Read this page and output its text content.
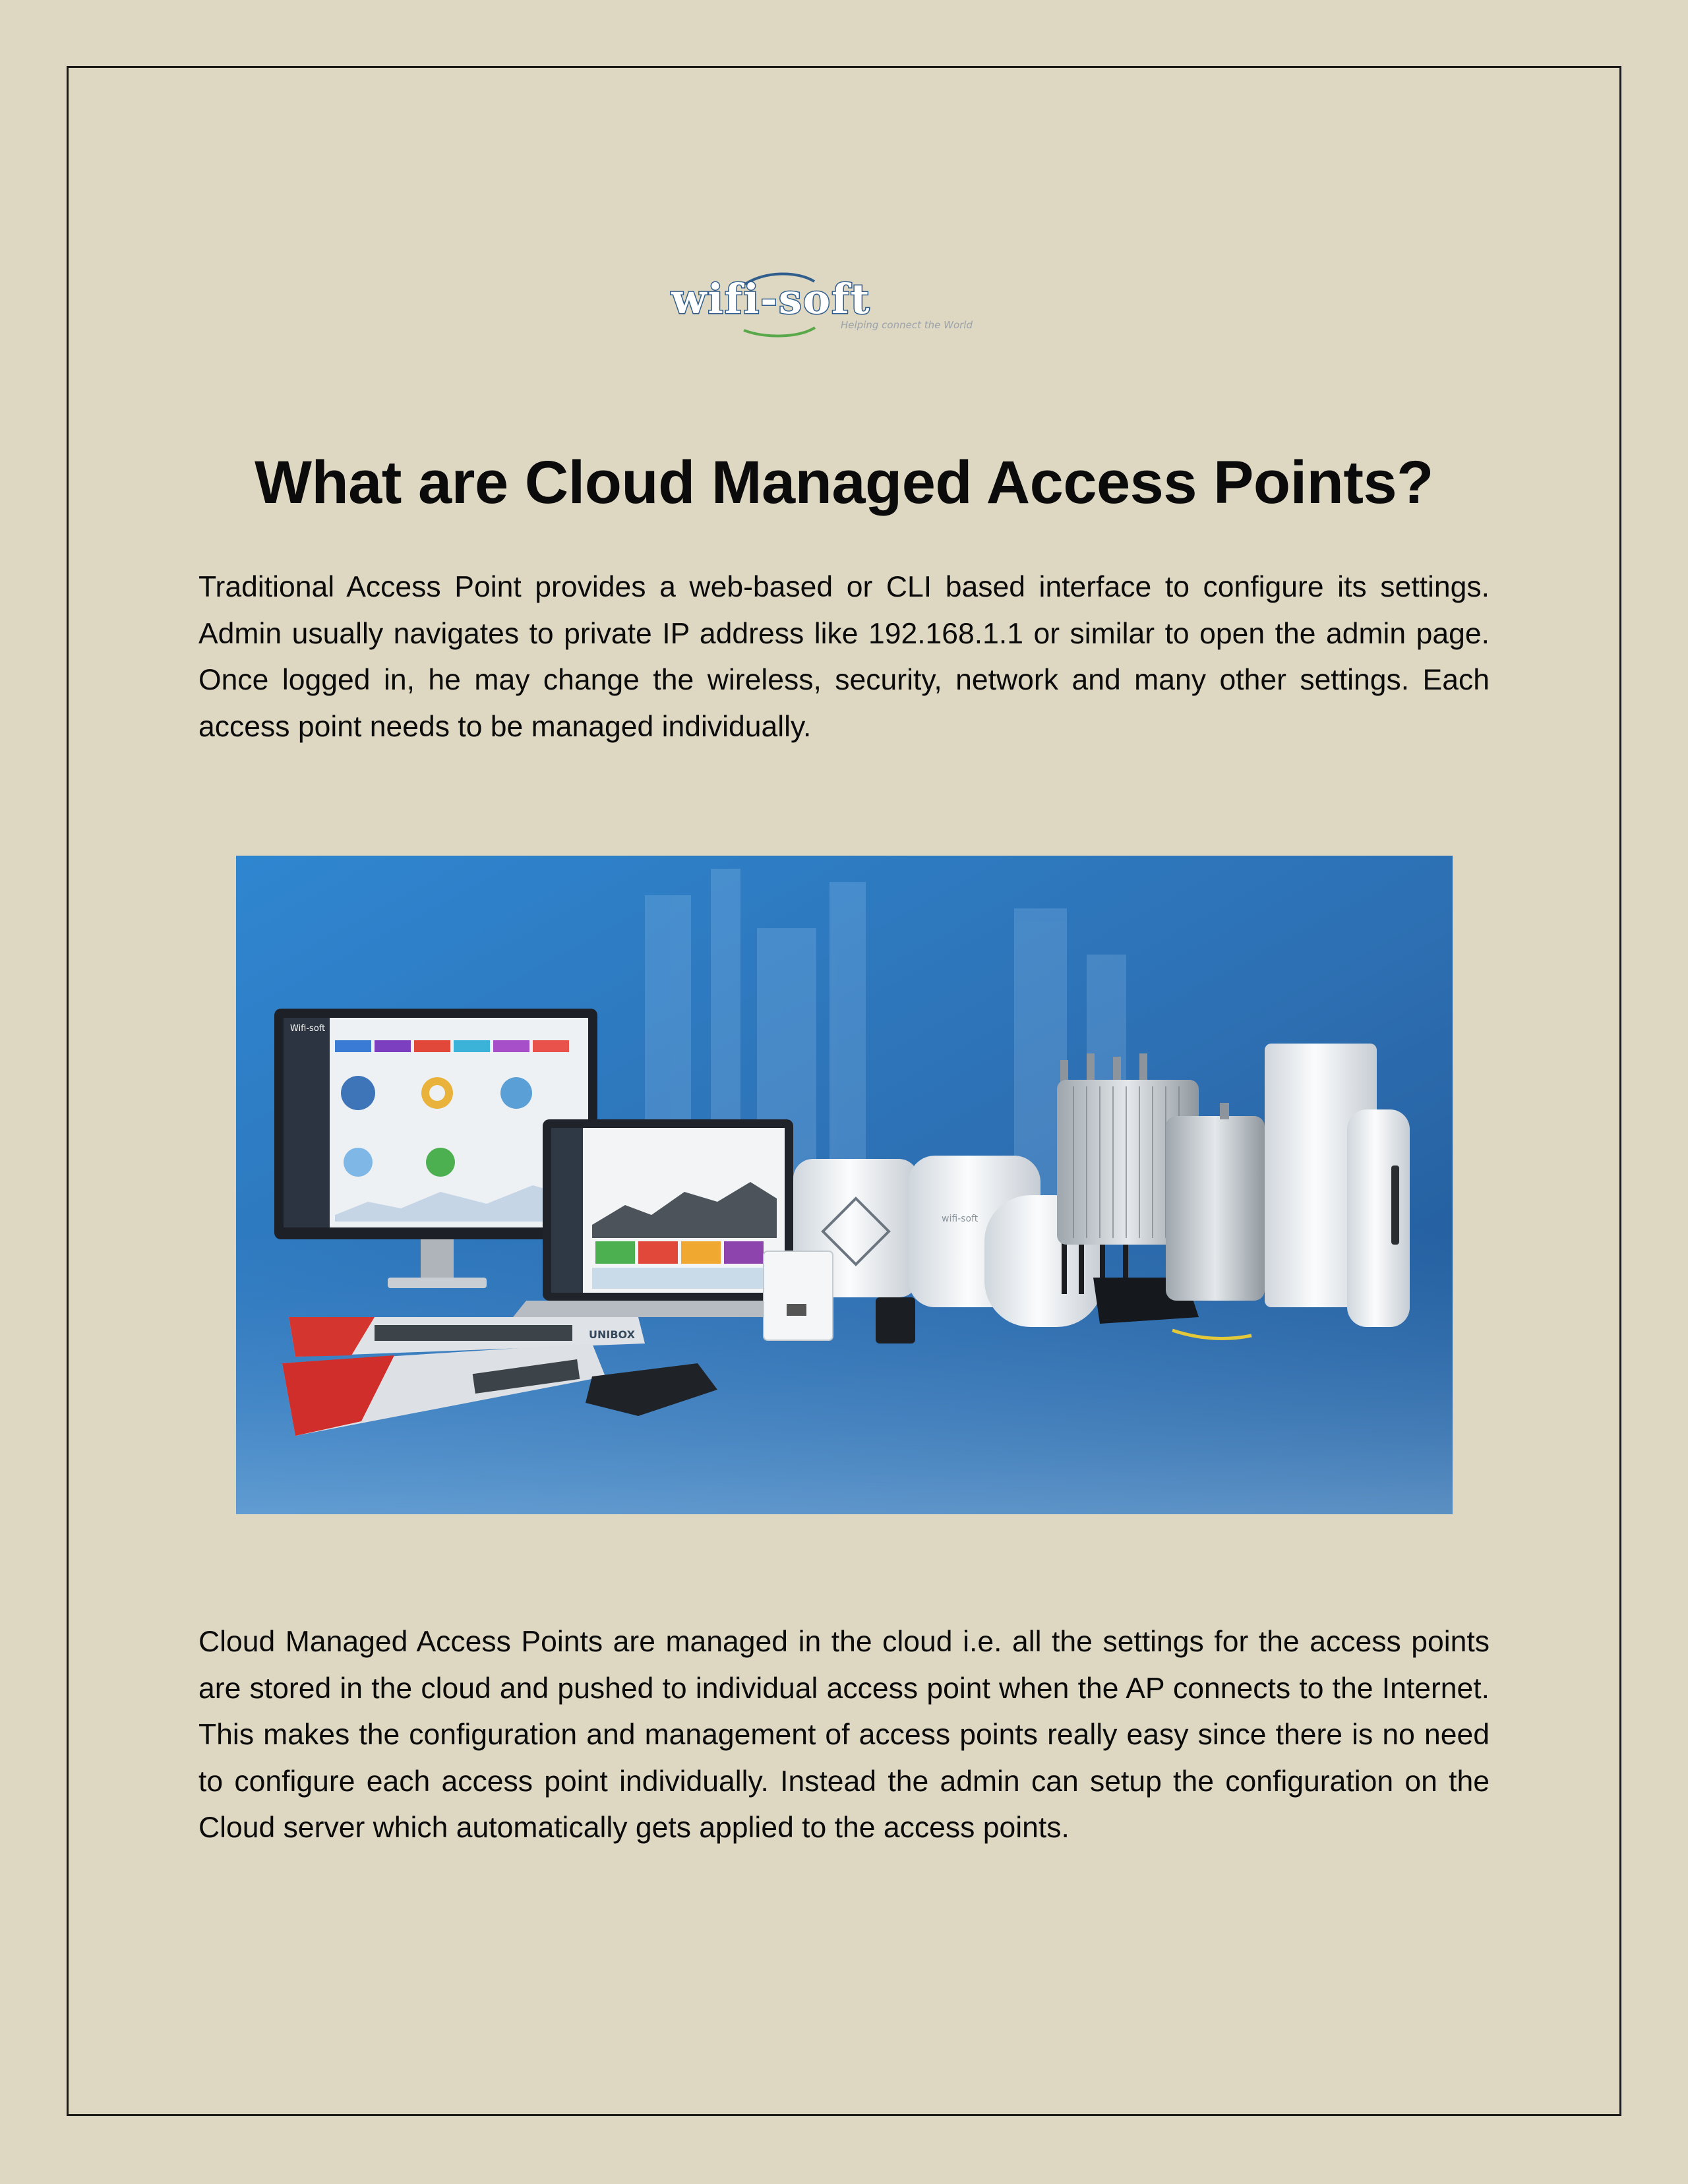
wifi-soft
Helping connect the World
What are Cloud Managed Access Points?

Traditional Access Point provides a web-based or CLI based interface to configure its settings. Admin usually navigates to private IP address like 192.168.1.1 or similar to open the admin page. Once logged in, he may change the wireless, security, network and many other settings. Each access point needs to be managed individually.

Wifi-soft
UNIBOX
wifi-soft

Cloud Managed Access Points are managed in the cloud i.e. all the settings for the access points are stored in the cloud and pushed to individual access point when the AP connects to the Internet. This makes the configuration and management of access points really easy since there is no need to configure each access point individually. Instead the admin can setup the configuration on the Cloud server which automatically gets applied to the access points.
